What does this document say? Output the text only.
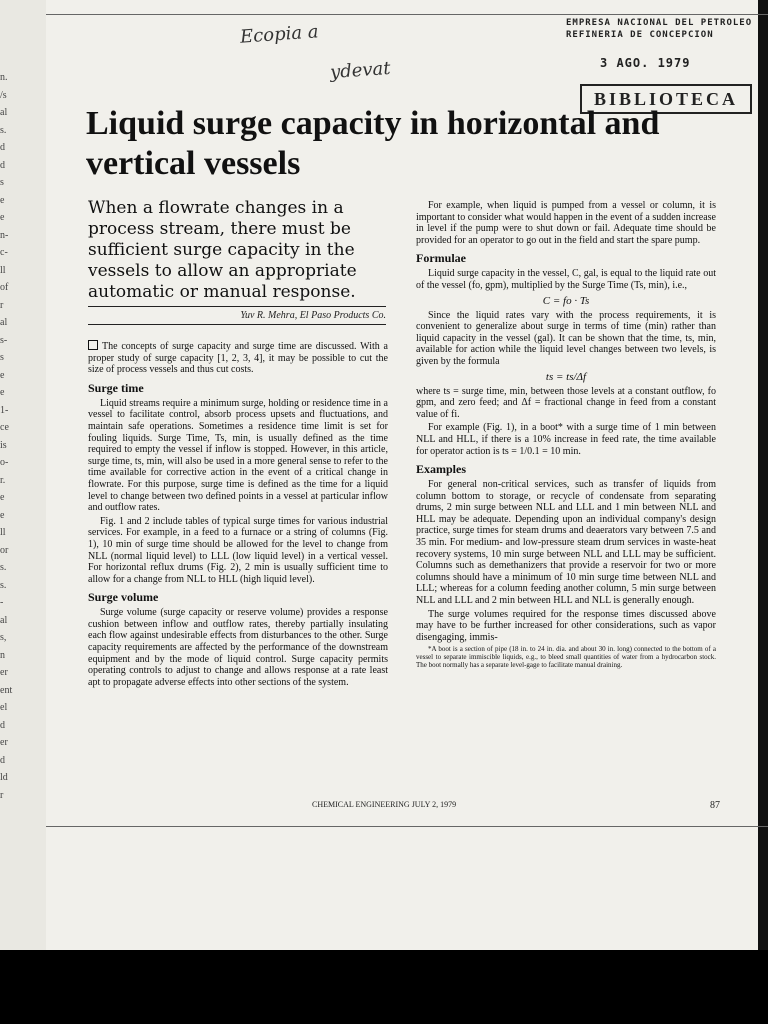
n.
/s
al
s.
d
d
s
e
e
n-
c-
ll
of
r
al
s-
s
e
e
1-
ce
is
o-
r.
e
e
ll
or
s.
s.
-
al
s,
n
er
ent
el
d
er
d
ld
r
Ecopia a
ydevat
EMPRESA NACIONAL DEL PETROLEO
REFINERIA DE CONCEPCION
3 AGO. 1979
BIBLIOTECA
Liquid surge capacity in horizontal and vertical vessels
When a flowrate changes in a process stream, there must be sufficient surge capacity in the vessels to allow an appropriate automatic or manual response.
Yuv R. Mehra, El Paso Products Co.

The concepts of surge capacity and surge time are discussed. With a proper study of surge capacity [1, 2, 3, 4], it may be possible to cut the size of process vessels and thus cut costs.

Surge time

Liquid streams require a minimum surge, holding or residence time in a vessel to facilitate control, absorb process upsets and fluctuations, and maintain safe operations. Sometimes a residence time limit is set for fouling liquids. Surge Time, Ts, min, is usually defined as the time required to empty the vessel if inflow is stopped. However, in this article, surge time, ts, min, will also be used in a more general sense to refer to the time available for corrective action in the event of a critical change in flowrate. For this purpose, surge time is defined as the time for a liquid level to change between two defined points in a vessel at particular inflow and outflow rates.

Fig. 1 and 2 include tables of typical surge times for various industrial services. For example, in a feed to a furnace or a string of columns (Fig. 1), 10 min of surge time should be allowed for the level to change from NLL (normal liquid level) to LLL (low liquid level) in a vertical vessel. For horizontal reflux drums (Fig. 2), 2 min is usually sufficient time to allow for a change from NLL to HLL (high liquid level).

Surge volume

Surge volume (surge capacity or reserve volume) provides a response cushion between inflow and outflow rates, thereby partially insulating each flow against undesirable effects from disturbances to the other. Surge capacity requirements are affected by the performance of the downstream equipment and by the mode of liquid control. Surge capacity permits operating controls to adjust to change and allows response at a rate least apt to propagate adverse effects into other sections of the system.

For example, when liquid is pumped from a vessel or column, it is important to consider what would happen in the event of a sudden increase in level if the pump were to shut down or fail. Adequate time should be provided for an operator to go out in the field and start the spare pump.

Formulae

Liquid surge capacity in the vessel, C, gal, is equal to the liquid rate out of the vessel (fo, gpm), multiplied by the Surge Time (Ts, min), i.e.,

C = fo · Ts

Since the liquid rates vary with the process requirements, it is convenient to generalize about surge in terms of time (min) rather than liquid capacity in the vessel (gal). It can be shown that the time, ts, min, available for action while the liquid level changes between two levels, is given by the formula

ts = ts/Δf

where ts = surge time, min, between those levels at a constant outflow, fo gpm, and zero feed; and Δf = fractional change in feed from a constant value of fi.

For example (Fig. 1), in a boot* with a surge time of 1 min between NLL and HLL, if there is a 10% increase in feed rate, the time available for operator action is ts = 1/0.1 = 10 min.

Examples

For general non-critical services, such as transfer of liquids from column bottom to storage, or recycle of condensate from separating drums, 2 min surge between NLL and LLL and 1 min between NLL and HLL may be adequate. Depending upon an individual company's design practice, surge times for steam drums and deaerators vary between 7.5 and 35 min. For medium- and low-pressure steam drum services in waste-heat recovery systems, 10 min surge between NLL and LLL may be sufficient. Columns such as demethanizers that provide a reservoir for two or more columns should have a minimum of 10 min surge time between NLL and LLL; whereas for a column feeding another column, 5 min surge between NLL and LLL and 2 min between HLL and NLL is generally enough.

The surge volumes required for the response times discussed above may have to be further increased for other considerations, such as vapor disengaging, immis-

*A boot is a section of pipe (18 in. to 24 in. dia. and about 30 in. long) connected to the bottom of a vessel to separate immiscible liquids, e.g., to bleed small quantities of water from a hydrocarbon stock. The boot normally has a separate level-gage to facilitate manual draining.

CHEMICAL ENGINEERING JULY 2, 1979	87
